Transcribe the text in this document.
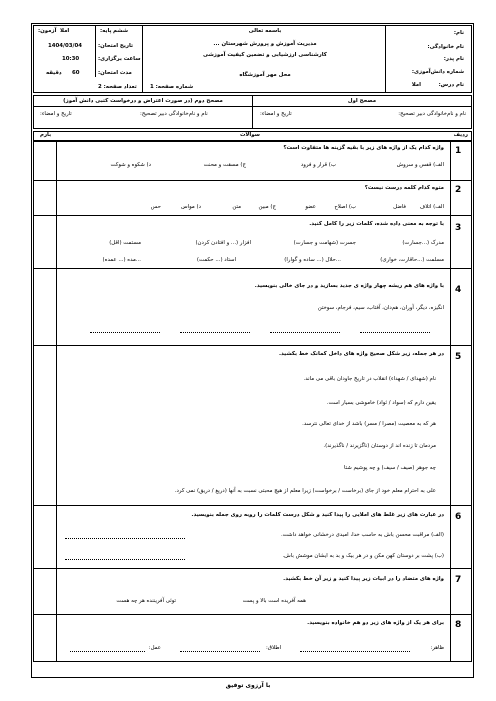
نام:
نام خانوادگی:
نام پدر:
شماره دانش‌آموزی:
نام درس:
املا
باسمه تعالی
مدیریت آموزش و پرورش شهرستان ...
کارشناسی ارزشیابی و تضمین کیفیت آموزشی
محل مهر آموزشگاه
شماره صفحه: 1
پایه: ششم
آزمون: املا
تاریخ امتحان:
1404/03/04
ساعت برگزاری:
10:30
مدت امتحان:
60
دقیقه
تعداد صفحه: 2
مصحح اول
مصحح دوم (در صورت اعتراض و درخواست کتبی دانش آموز)
نام و نام‌خانوادگی دبیر تصحیح:
تاریخ و امضاء:
نام و نام‌خانوادگی دبیر تصحیح:
تاریخ و امضاء:
ردیف
سوالات
بارم
1
2
3
4
5
6
7
8
واژه کدام یک از واژه های زیر با بقیه گزینه ها متفاوت است؟
الف) قفس و سروش
ب) قرار و فرود
ج) مسقت و محنت
د) شکوه و شوکت
متوه کدام کلمه درست نیست؟
الف) اتلاف
فاضل
ب) اصلاح
عضو
ج) مبین
متن
د) مواس
حس
با توجه به معنی داده شده، کلمات زیر را کامل کنید.
مدرک (...جسارت)
جسرت (شهامت و جسارت)
افزار (... و افتادن کردن)
مستمت (اقل)
مسلمت (...حاقارت، خواری)
...حلال (... ساده و گوارا)
استاد (... حکمت)
...مده (... عمده)
با واژه های هم ریشه چهار واژه ی جدید بسازید و در جای خالی بنویسید.
انگیزه، دیگر، آوران، هم‌دان، آفتاب، سیم، فرجام، سوختن
در هر جمله، زیر شکل صحیح واژه های داخل کمانک خط بکشید.
نام (شهدای / شهداء) انقلاب در تاریخ جاودان باقی می ماند.
یقین دارم که (سواد / ثواد) خاموشی بسیار است.
هر که به معصیت (مصرا / مسر) باشد از خدای تعالی نترسد.
مردمان تا زنده اند از دوستان (ناگزیرند / ناگذیرند).
چه جوهر (صیف / سیف) و چه پوشیم شتا
علی به احترام معلم خود از جای (برخاست / برخواست) زیرا معلم از هیچ محبتی نسبت به آنها (دریغ / دریق) نمی کرد.
در عبارت های زیر غلط های املایی را پیدا کنید و شکل درست کلمات را روبه روی جمله بنویسید.
(الف) مراقبت محسن باش به حاسب خدا، امیدی درخشانی خواهد داشت.
(ب) پشت بر دوستان کهن مکن و در هر بیک و بد به ایشان موشش باش.
واژه های متضاد را در ابیات زیر پیدا کنید و زیر آن خط بکشید.
همه آفریده است بالا و پست
توئی آفریننده هر چه هست
برای هر یک از واژه های زیر دو هم خانواده بنویسید.
ظاهر:
اطلاق:
عمل:
با آرزوی توفیق
